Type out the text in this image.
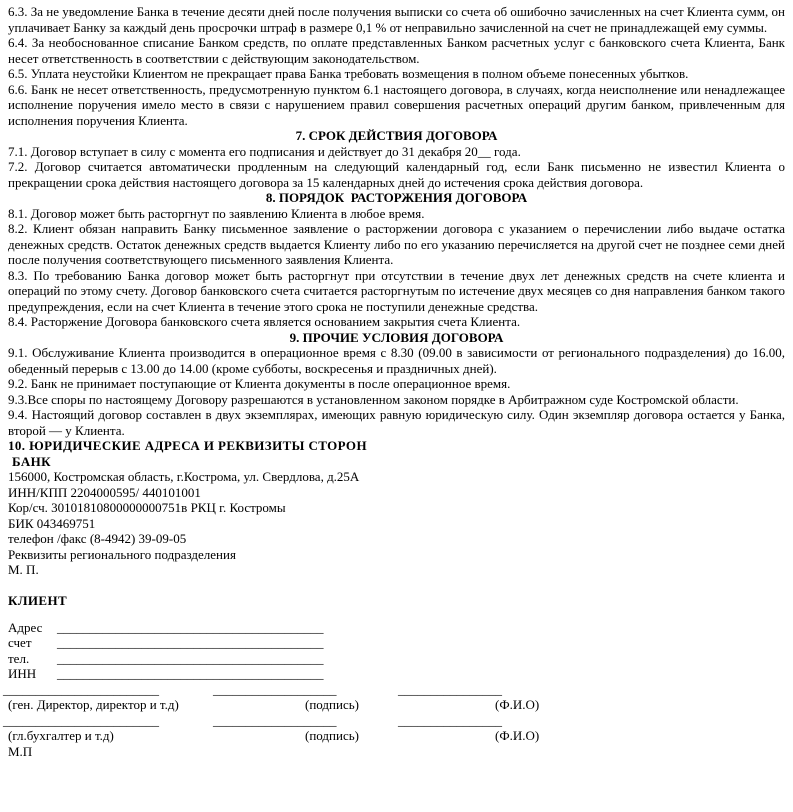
6.3. За не уведомление Банка в течение десяти дней после получения выписки со счета об ошибочно зачисленных на счет Клиента сумм, он уплачивает Банку за каждый день просрочки штраф в размере 0,1 % от неправильно зачисленной на счет не принадлежащей ему суммы.

6.4. За необоснованное списание Банком средств, по оплате представленных Банком расчетных услуг с банковского счета Клиента, Банк несет ответственность в соответствии с действующим законодательством.

6.5. Уплата неустойки Клиентом не прекращает права Банка требовать возмещения в полном объеме понесенных убытков.

6.6. Банк не несет ответственность, предусмотренную пунктом 6.1 настоящего договора, в случаях, когда неисполнение или ненадлежащее исполнение поручения имело место в связи с нарушением правил совершения расчетных операций другим банком, привлеченным для исполнения поручения Клиента.

7. СРОК ДЕЙСТВИЯ ДОГОВОРА

7.1. Договор вступает в силу с момента его подписания и действует до 31 декабря 20__ года.

7.2. Договор считается автоматически продленным на следующий календарный год, если Банк письменно не известил Клиента о прекращении срока действия настоящего договора за 15 календарных дней до истечения срока действия договора.

8. ПОРЯДОК  РАСТОРЖЕНИЯ ДОГОВОРА

8.1. Договор может быть расторгнут по заявлению Клиента в любое время.

8.2. Клиент обязан направить Банку письменное заявление о расторжении договора с указанием о перечислении либо выдаче остатка денежных средств. Остаток денежных средств выдается Клиенту либо по его указанию перечисляется на другой счет не позднее семи дней после получения соответствующего письменного заявления Клиента.

8.3. По требованию Банка договор может быть расторгнут при отсутствии в течение двух лет денежных средств на счете клиента и операций по этому счету. Договор банковского счета считается расторгнутым по истечение двух месяцев со дня направления банком такого предупреждения, если на счет Клиента в течение этого срока не поступили денежные средства.

8.4. Расторжение Договора банковского счета является основанием закрытия счета Клиента.

9. ПРОЧИЕ УСЛОВИЯ ДОГОВОРА

9.1. Обслуживание Клиента производится в операционное время с 8.30 (09.00 в зависимости от регионального подразделения) до 16.00, обеденный перерыв с 13.00 до 14.00 (кроме субботы, воскресенья и праздничных дней).

9.2. Банк не принимает поступающие от Клиента документы в после операционное время.

9.3.Все споры по настоящему Договору разрешаются в установленном законом порядке в Арбитражном суде Костромской области.

9.4. Настоящий договор составлен в двух экземплярах, имеющих равную юридическую силу. Один экземпляр договора остается у Банка, второй — у Клиента.

10. ЮРИДИЧЕСКИЕ АДРЕСА И РЕКВИЗИТЫ СТОРОН
БАНК

156000, Костромская область, г.Кострома, ул. Свердлова, д.25А

ИНН/КПП 2204000595/ 440101001

Кор/сч. 30101810800000000751в РКЦ г. Костромы

БИК 043469751

телефон /факс (8-4942) 39-09-05

Реквизиты регионального подразделения

М. П.

КЛИЕНТ
Адрес _________________________________________
счет _________________________________________
тел. _________________________________________
ИНН _________________________________________
________________________	___________________	________________
(ген. Директор, директор и т.д)	(подпись)	(Ф.И.О)
________________________	___________________	________________
(гл.бухгалтер и т.д)	(подпись)	(Ф.И.О)

М.П
